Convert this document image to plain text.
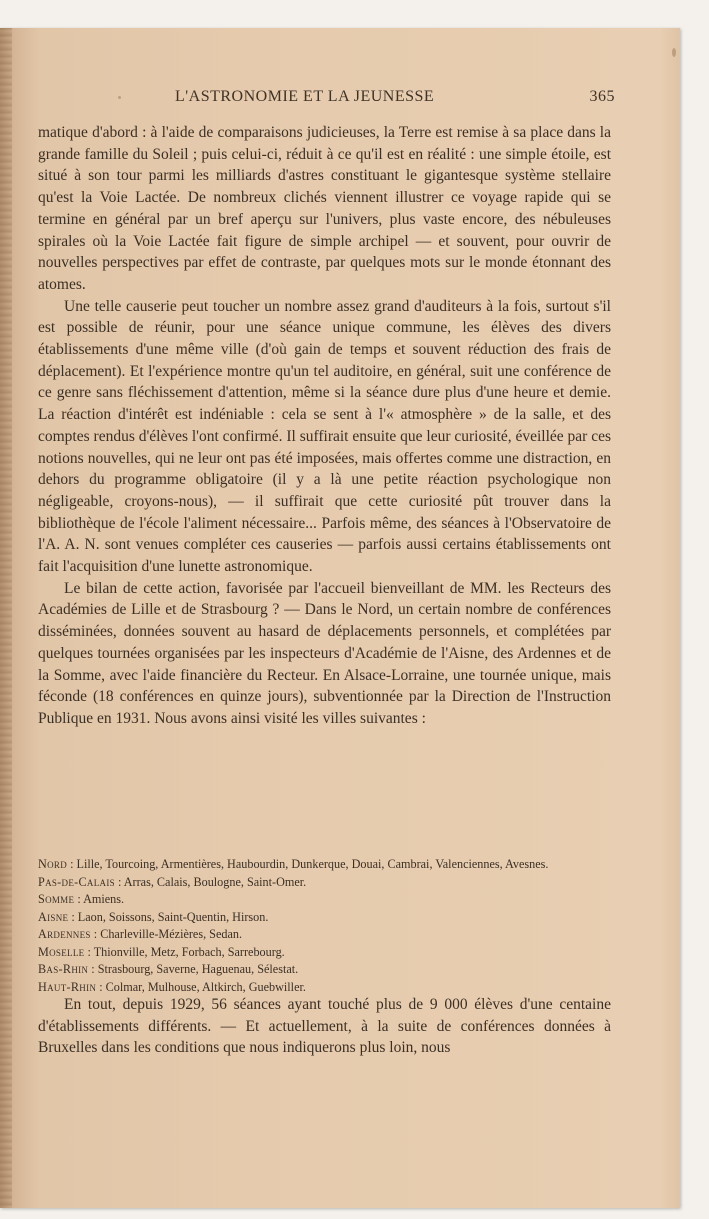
L'ASTRONOMIE ET LA JEUNESSE	365

matique d'abord : à l'aide de comparaisons judicieuses, la Terre est remise à sa place dans la grande famille du Soleil ; puis celui-ci, réduit à ce qu'il est en réalité : une simple étoile, est situé à son tour parmi les milliards d'astres constituant le gigantesque système stellaire qu'est la Voie Lactée. De nombreux clichés viennent illustrer ce voyage rapide qui se termine en général par un bref aperçu sur l'univers, plus vaste encore, des nébuleuses spirales où la Voie Lactée fait figure de simple archipel — et souvent, pour ouvrir de nouvelles perspectives par effet de contraste, par quelques mots sur le monde étonnant des atomes.

Une telle causerie peut toucher un nombre assez grand d'auditeurs à la fois, surtout s'il est possible de réunir, pour une séance unique commune, les élèves des divers établissements d'une même ville (d'où gain de temps et souvent réduction des frais de déplacement). Et l'expérience montre qu'un tel auditoire, en général, suit une conférence de ce genre sans fléchissement d'attention, même si la séance dure plus d'une heure et demie. La réaction d'intérêt est indéniable : cela se sent à l'« atmosphère » de la salle, et des comptes rendus d'élèves l'ont confirmé. Il suffirait ensuite que leur curiosité, éveillée par ces notions nouvelles, qui ne leur ont pas été imposées, mais offertes comme une distraction, en dehors du programme obligatoire (il y a là une petite réaction psychologique non négligeable, croyons-nous), — il suffirait que cette curiosité pût trouver dans la bibliothèque de l'école l'aliment nécessaire... Parfois même, des séances à l'Observatoire de l'A. A. N. sont venues compléter ces causeries — parfois aussi certains établissements ont fait l'acquisition d'une lunette astronomique.

Le bilan de cette action, favorisée par l'accueil bienveillant de MM. les Recteurs des Académies de Lille et de Strasbourg ? — Dans le Nord, un certain nombre de conférences disséminées, données souvent au hasard de déplacements personnels, et complétées par quelques tournées organisées par les inspecteurs d'Académie de l'Aisne, des Ardennes et de la Somme, avec l'aide financière du Recteur. En Alsace-Lorraine, une tournée unique, mais féconde (18 conférences en quinze jours), subventionnée par la Direction de l'Instruction Publique en 1931. Nous avons ainsi visité les villes suivantes :

Nord : Lille, Tourcoing, Armentières, Haubourdin, Dunkerque, Douai, Cambrai, Valenciennes, Avesnes.
Pas-de-Calais : Arras, Calais, Boulogne, Saint-Omer.
Somme : Amiens.
Aisne : Laon, Soissons, Saint-Quentin, Hirson.
Ardennes : Charleville-Mézières, Sedan.
Moselle : Thionville, Metz, Forbach, Sarrebourg.
Bas-Rhin : Strasbourg, Saverne, Haguenau, Sélestat.
Haut-Rhin : Colmar, Mulhouse, Altkirch, Guebwiller.

En tout, depuis 1929, 56 séances ayant touché plus de 9 000 élèves d'une centaine d'établissements différents. — Et actuellement, à la suite de conférences données à Bruxelles dans les conditions que nous indiquerons plus loin, nous
